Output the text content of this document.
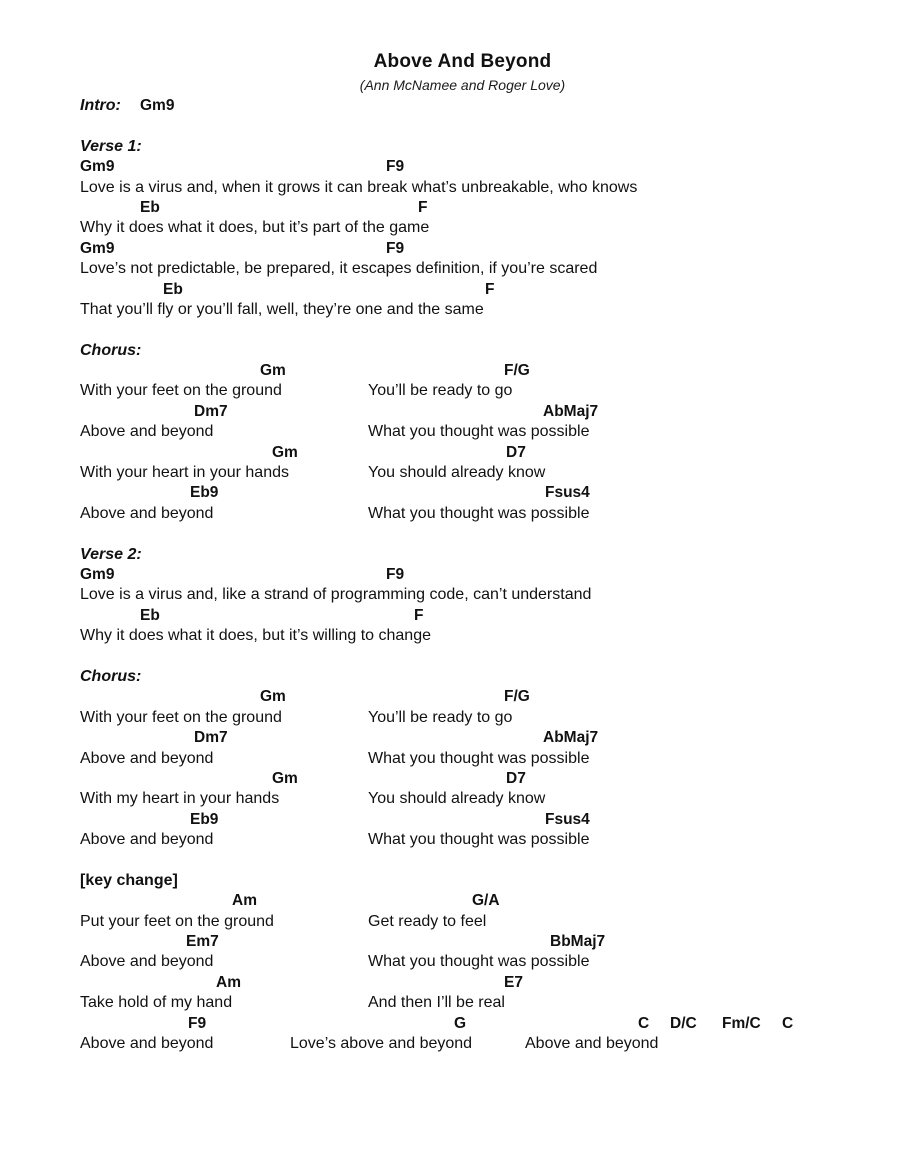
Above And Beyond
(Ann McNamee and Roger Love)
Intro: Gm9
Verse 1:
Gm9	F9
Love is a virus and, when it grows it can break what’s unbreakable, who knows
Eb	F
Why it does what it does, but it’s part of the game
Gm9	F9
Love’s not predictable, be prepared, it escapes definition, if you’re scared
Eb	F
That you’ll fly or you’ll fall, well, they’re one and the same
Chorus:
Gm	F/G
With your feet on the ground	You’ll be ready to go
Dm7	AbMaj7
Above and beyond	What you thought was possible
Gm	D7
With your heart in your hands	You should already know
Eb9	Fsus4
Above and beyond	What you thought was possible
Verse 2:
Gm9	F9
Love is a virus and, like a strand of programming code, can’t understand
Eb	F
Why it does what it does, but it’s willing to change
Chorus:
Gm	F/G
With your feet on the ground	You’ll be ready to go
Dm7	AbMaj7
Above and beyond	What you thought was possible
Gm	D7
With my heart in your hands	You should already know
Eb9	Fsus4
Above and beyond	What you thought was possible
[key change]
Am	G/A
Put your feet on the ground	Get ready to feel
Em7	BbMaj7
Above and beyond	What you thought was possible
Am	E7
Take hold of my hand	And then I’ll be real
F9	G	C D/C Fm/C C
Above and beyond	Love’s above and beyond	Above and beyond
